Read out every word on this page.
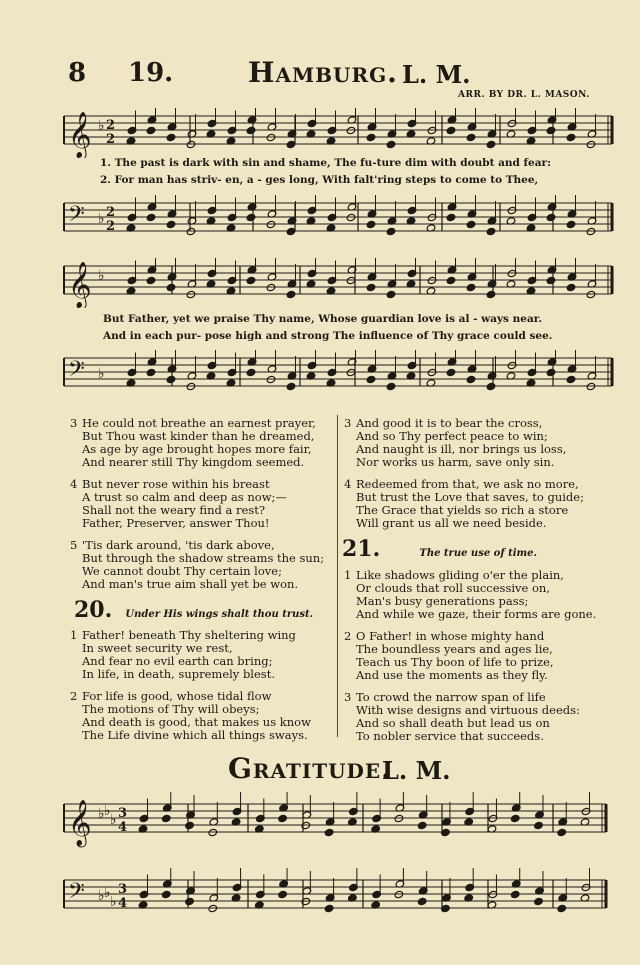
8 19.	Hamburg. L. M.
ARR. BY DR. L. MASON.
𝄞 ♭ 2
2
1. The past is dark with sin and shame, The fu-ture dim with doubt and fear:
2. For man has striv- en, a - ges long, With falt'ring steps to come to Thee,
𝄢 ♭ 2
2
𝄞 ♭
But Father, yet we praise Thy name, Whose guardian love is al - ways near.
And in each pur- pose high and strong The influence of Thy grace could see.
𝄢 ♭
3 He could not breathe an earnest prayer,
But Thou wast kinder than he dreamed,
As age by age brought hopes more fair,
And nearer still Thy kingdom seemed.
4 But never rose within his breast
A trust so calm and deep as now;—
Shall not the weary find a rest?
Father, Preserver, answer Thou!
5 'Tis dark around, 'tis dark above,
But through the shadow streams the sun;
We cannot doubt Thy certain love;
And man's true aim shall yet be won.
20. Under His wings shalt thou trust.
1 Father! beneath Thy sheltering wing
In sweet security we rest,
And fear no evil earth can bring;
In life, in death, supremely blest.
2 For life is good, whose tidal flow
The motions of Thy will obeys;
And death is good, that makes us know
The Life divine which all things sways.
3 And good it is to bear the cross,
And so Thy perfect peace to win;
And naught is ill, nor brings us loss,
Nor works us harm, save only sin.
4 Redeemed from that, we ask no more,
But trust the Love that saves, to guide;
The Grace that yields so rich a store
Will grant us all we need beside.
21.	The true use of time.
1 Like shadows gliding o'er the plain,
Or clouds that roll successive on,
Man's busy generations pass;
And while we gaze, their forms are gone.
2 O Father! in whose mighty hand
The boundless years and ages lie,
Teach us Thy boon of life to prize,
And use the moments as they fly.
3 To crowd the narrow span of life
With wise designs and virtuous deeds:
And so shall death but lead us on
To nobler service that succeeds.
Gratitude.
L. M.
𝄞 ♭ ♭
♭ 3
4
𝄢 ♭ ♭
♭
3
4
